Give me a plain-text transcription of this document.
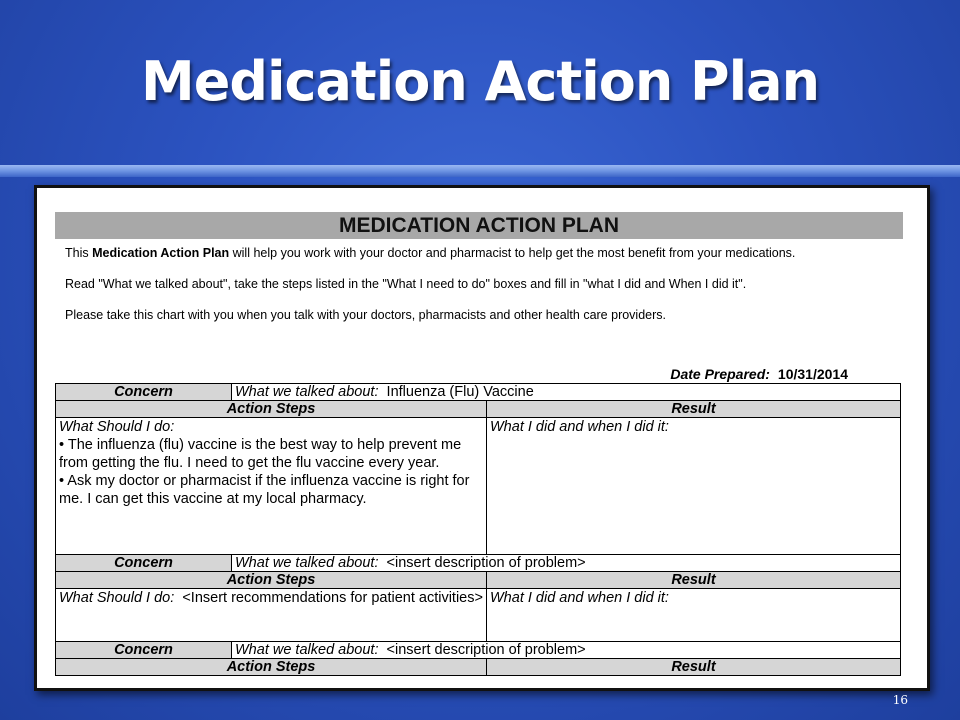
Medication Action Plan
MEDICATION ACTION PLAN

This Medication Action Plan will help you work with your doctor and pharmacist to help get the most benefit from your medications.

Read "What we talked about", take the steps listed in the "What I need to do" boxes and fill in "what I did and When I did it".

Please take this chart with you when you talk with your doctors, pharmacists and other health care providers.

Date Prepared: 10/31/2014
Concern	What we talked about: Influenza (Flu) Vaccine	
Action Steps		Result

What Should I do:
• The influenza (flu) vaccine is the best way to help prevent me from getting the flu. I need to get the flu vaccine every year.
• Ask my doctor or pharmacist if the influenza vaccine is right for me. I can get this vaccine at my local pharmacy.		What I did and when I did it:

Concern	What we talked about: <insert description of problem>	
Action Steps		Result
What Should I do: <Insert recommendations for patient activities>		What I did and when I did it:
Concern	What we talked about: <insert description of problem>	
Action Steps		Result
16
